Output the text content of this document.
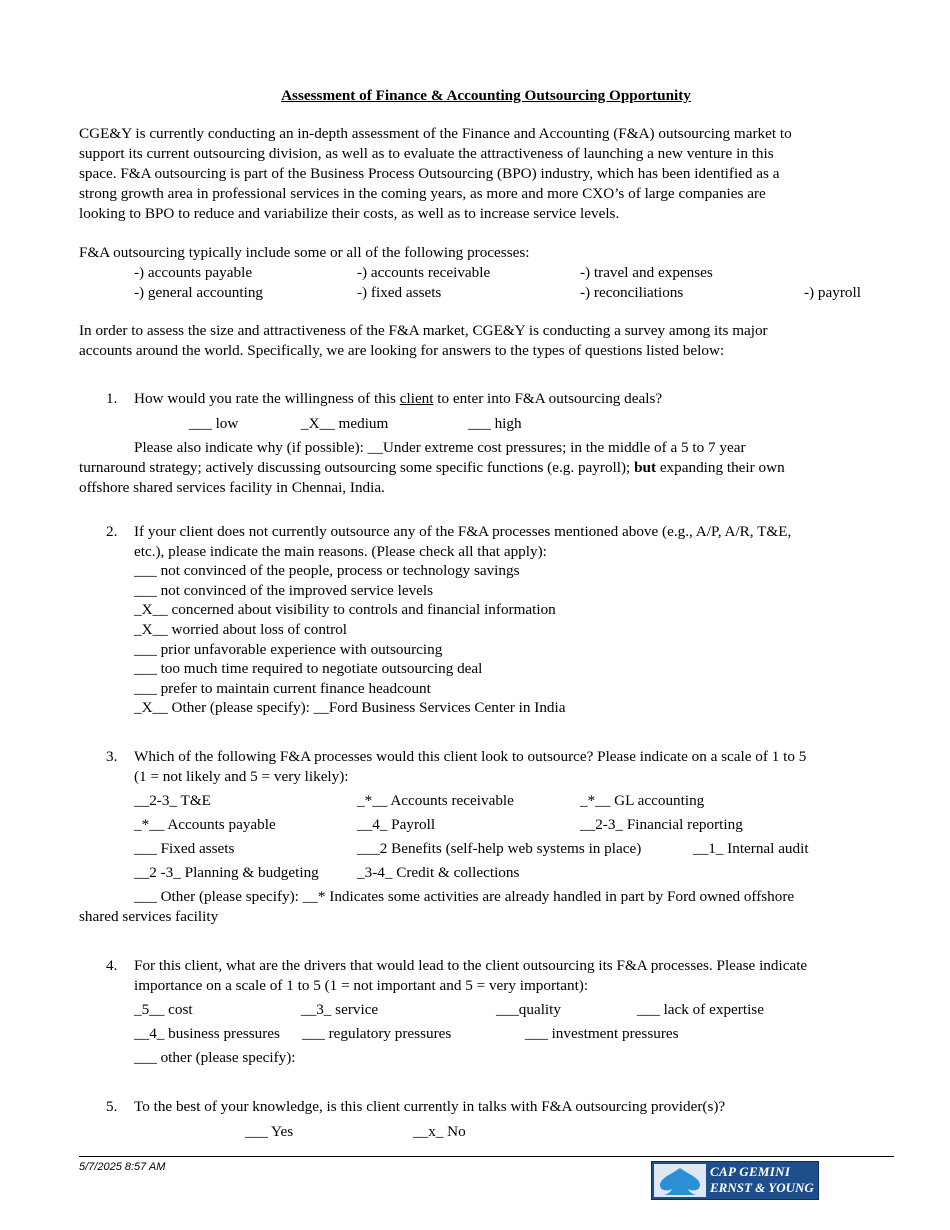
Assessment of Finance & Accounting Outsourcing Opportunity
CGE&Y is currently conducting an in-depth assessment of the Finance and Accounting (F&A) outsourcing market to
support its current outsourcing division, as well as to evaluate the attractiveness of launching a new venture in this
space. F&A outsourcing is part of the Business Process Outsourcing (BPO) industry, which has been identified as a
strong growth area in professional services in the coming years, as more and more CXO’s of large companies are
looking to BPO to reduce and variabilize their costs, as well as to increase service levels.
F&A outsourcing typically include some or all of the following processes:
-) accounts payable	-) accounts receivable	-) travel and expenses
-) general accounting	-) fixed assets	-) reconciliations	-) payroll
In order to assess the size and attractiveness of the F&A market, CGE&Y is conducting a survey among its major
accounts around the world. Specifically, we are looking for answers to the types of questions listed below:
1. How would you rate the willingness of this client to enter into F&A outsourcing deals?
___ low	_X__ medium	___ high
Please also indicate why (if possible): __Under extreme cost pressures; in the middle of a 5 to 7 year
turnaround strategy; actively discussing outsourcing some specific functions (e.g. payroll); but expanding their own
offshore shared services facility in Chennai, India.
2. If your client does not currently outsource any of the F&A processes mentioned above (e.g., A/P, A/R, T&E,
etc.), please indicate the main reasons. (Please check all that apply):
___ not convinced of the people, process or technology savings
___ not convinced of the improved service levels
_X__ concerned about visibility to controls and financial information
_X__ worried about loss of control
___ prior unfavorable experience with outsourcing
___ too much time required to negotiate outsourcing deal
___ prefer to maintain current finance headcount
_X__ Other (please specify): __Ford Business Services Center in India
3. Which of the following F&A processes would this client look to outsource? Please indicate on a scale of 1 to 5
(1 = not likely and 5 = very likely):
__2-3_ T&E	_*__ Accounts receivable	_*__ GL accounting
_*__ Accounts payable	__4_ Payroll	__2-3_ Financial reporting
___ Fixed assets	___2 Benefits (self-help web systems in place)	__1_ Internal audit
__2 -3_ Planning & budgeting	_3-4_ Credit & collections
___ Other (please specify): __* Indicates some activities are already handled in part by Ford owned offshore
shared services facility
4. For this client, what are the drivers that would lead to the client outsourcing its F&A processes. Please indicate
importance on a scale of 1 to 5 (1 = not important and 5 = very important):
_5__ cost	__3_ service	___quality	___ lack of expertise
__4_ business pressures ___ regulatory pressures	___ investment pressures
___ other (please specify):
5. To the best of your knowledge, is this client currently in talks with F&A outsourcing provider(s)?
___ Yes	__x_ No
5/7/2025 8:57 AM	CAP GEMINI
ERNST & YOUNG
